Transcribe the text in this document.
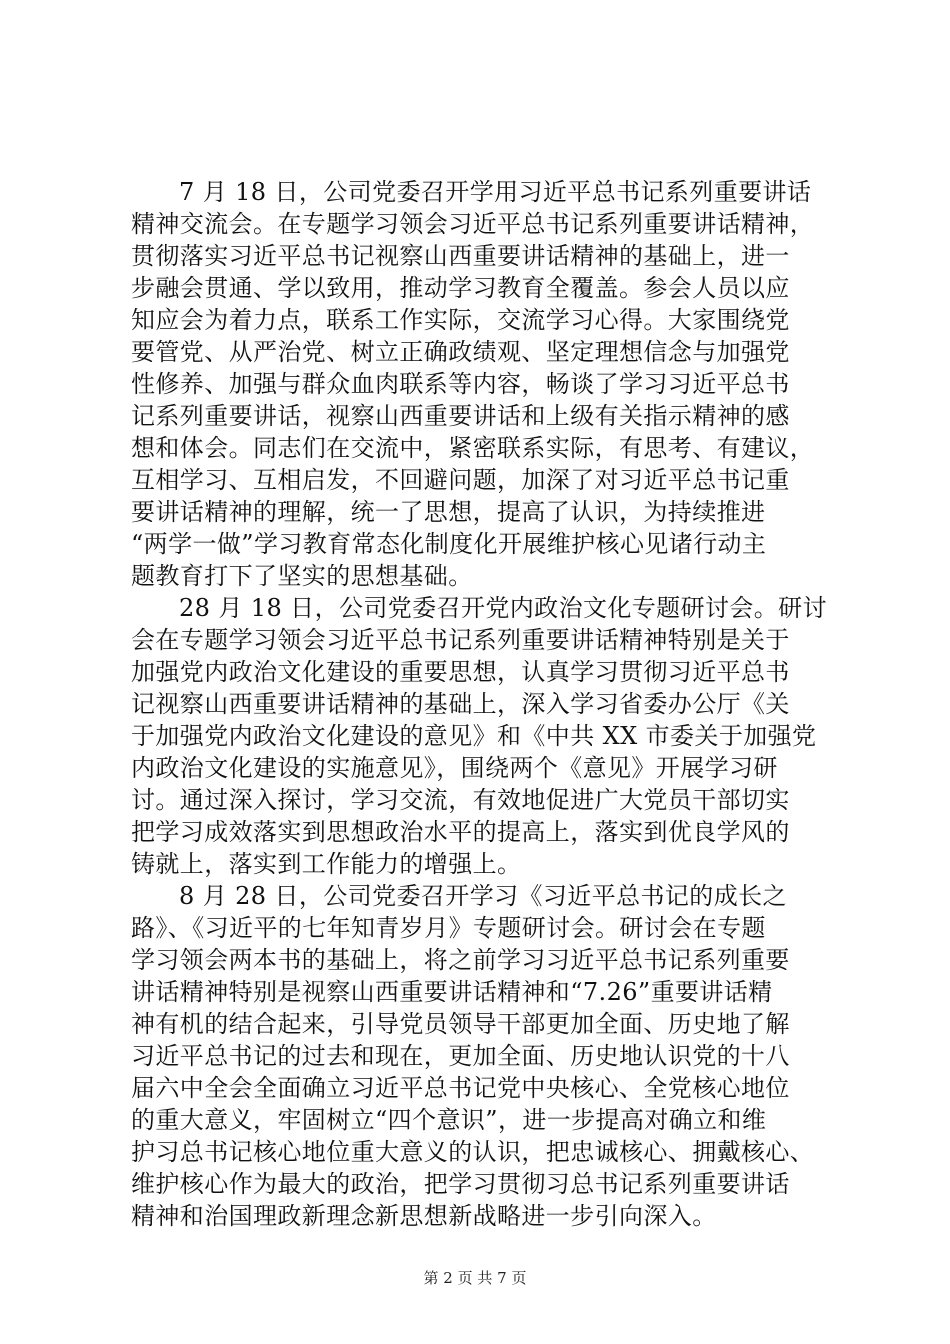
7 月 18 日，公司党委召开学用习近平总书记系列重要讲话
精神交流会。在专题学习领会习近平总书记系列重要讲话精神，
贯彻落实习近平总书记视察山西重要讲话精神的基础上，进一
步融会贯通、学以致用，推动学习教育全覆盖。参会人员以应
知应会为着力点，联系工作实际，交流学习心得。大家围绕党
要管党、从严治党、树立正确政绩观、坚定理想信念与加强党
性修养、加强与群众血肉联系等内容，畅谈了学习习近平总书
记系列重要讲话，视察山西重要讲话和上级有关指示精神的感
想和体会。同志们在交流中，紧密联系实际，有思考、有建议，
互相学习、互相启发，不回避问题，加深了对习近平总书记重
要讲话精神的理解，统一了思想，提高了认识，为持续推进
“两学一做”学习教育常态化制度化开展维护核心见诸行动主
题教育打下了坚实的思想基础。
28 月 18 日，公司党委召开党内政治文化专题研讨会。研讨
会在专题学习领会习近平总书记系列重要讲话精神特别是关于
加强党内政治文化建设的重要思想，认真学习贯彻习近平总书
记视察山西重要讲话精神的基础上，深入学习省委办公厅《关
于加强党内政治文化建设的意见》和《中共 XX 市委关于加强党
内政治文化建设的实施意见》，围绕两个《意见》开展学习研
讨。通过深入探讨，学习交流，有效地促进广大党员干部切实
把学习成效落实到思想政治水平的提高上，落实到优良学风的
铸就上，落实到工作能力的增强上。
8 月 28 日，公司党委召开学习《习近平总书记的成长之
路》、《习近平的七年知青岁月》专题研讨会。研讨会在专题
学习领会两本书的基础上，将之前学习习近平总书记系列重要
讲话精神特别是视察山西重要讲话精神和“7.26”重要讲话精
神有机的结合起来，引导党员领导干部更加全面、历史地了解
习近平总书记的过去和现在，更加全面、历史地认识党的十八
届六中全会全面确立习近平总书记党中央核心、全党核心地位
的重大意义，牢固树立“四个意识”，进一步提高对确立和维
护习总书记核心地位重大意义的认识，把忠诚核心、拥戴核心、
维护核心作为最大的政治，把学习贯彻习总书记系列重要讲话
精神和治国理政新理念新思想新战略进一步引向深入。
第 2 页 共 7 页
